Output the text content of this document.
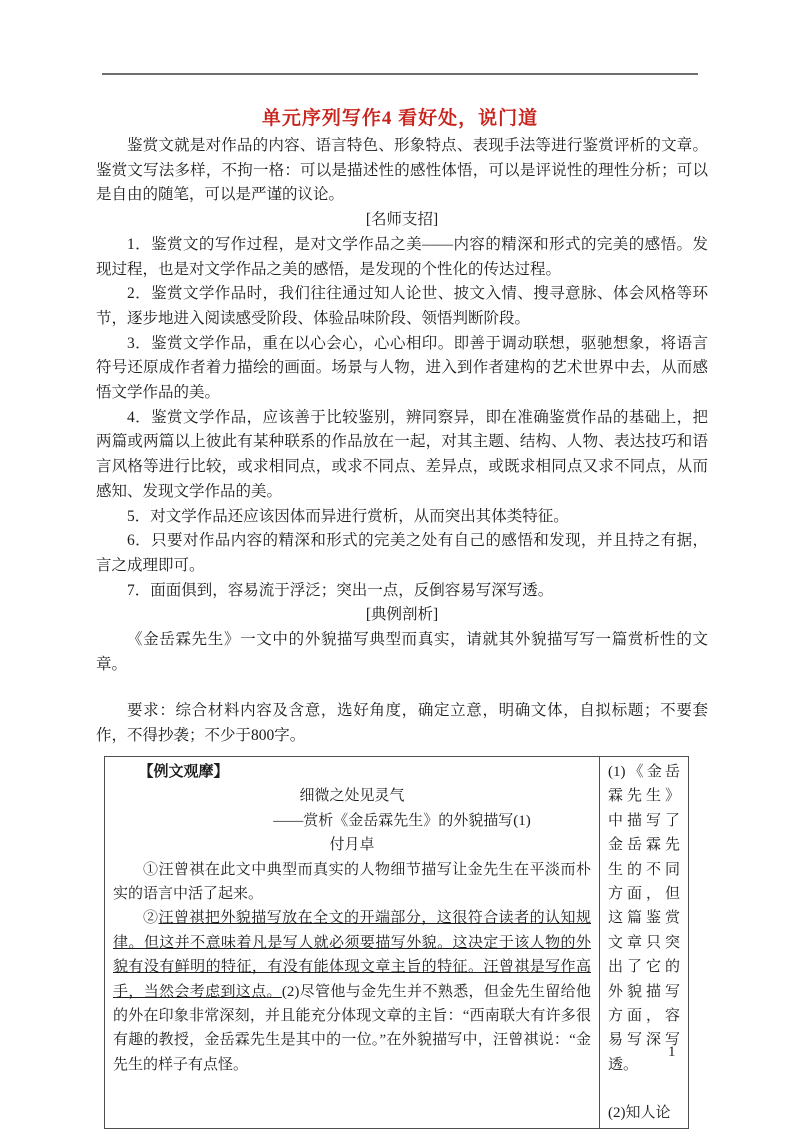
单元序列写作4 看好处，说门道

鉴赏文就是对作品的内容、语言特色、形象特点、表现手法等进行鉴赏评析的文章。鉴赏文写法多样，不拘一格：可以是描述性的感性体悟，可以是评说性的理性分析；可以是自由的随笔，可以是严谨的议论。

[名师支招]

1．鉴赏文的写作过程，是对文学作品之美——内容的精深和形式的完美的感悟。发现过程，也是对文学作品之美的感悟，是发现的个性化的传达过程。

2．鉴赏文学作品时，我们往往通过知人论世、披文入情、搜寻意脉、体会风格等环节，逐步地进入阅读感受阶段、体验品味阶段、领悟判断阶段。

3．鉴赏文学作品，重在以心会心，心心相印。即善于调动联想，驱驰想象，将语言符号还原成作者着力描绘的画面。场景与人物，进入到作者建构的艺术世界中去，从而感悟文学作品的美。

4．鉴赏文学作品，应该善于比较鉴别，辨同察异，即在准确鉴赏作品的基础上，把两篇或两篇以上彼此有某种联系的作品放在一起，对其主题、结构、人物、表达技巧和语言风格等进行比较，或求相同点，或求不同点、差异点，或既求相同点又求不同点，从而感知、发现文学作品的美。

5．对文学作品还应该因体而异进行赏析，从而突出其体类特征。

6．只要对作品内容的精深和形式的完美之处有自己的感悟和发现，并且持之有据，言之成理即可。

7．面面俱到，容易流于浮泛；突出一点，反倒容易写深写透。

[典例剖析]

《金岳霖先生》一文中的外貌描写典型而真实，请就其外貌描写写一篇赏析性的文章。

要求：综合材料内容及含意，选好角度，确定立意，明确文体，自拟标题；不要套作，不得抄袭；不少于800字。

【例文观摩】

细微之处见灵气

——赏析《金岳霖先生》的外貌描写(1)

付月卓

①汪曾祺在此文中典型而真实的人物细节描写让金先生在平淡而朴实的语言中活了起来。

②汪曾祺把外貌描写放在全文的开端部分，这很符合读者的认知规律。但这并不意味着凡是写人就必须要描写外貌。这决定于该人物的外貌有没有鲜明的特征，有没有能体现文章主旨的特征。汪曾祺是写作高手，当然会考虑到这点。(2)尽管他与金先生并不熟悉，但金先生留给他的外在印象非常深刻，并且能充分体现文章的主旨：“西南联大有许多很有趣的教授，金岳霖先生是其中的一位。”在外貌描写中，汪曾祺说：“金先生的样子有点怪。

(1)《金岳霖先生》中描写了金岳霖先生的不同方面，但这篇鉴赏文章只突出了它的外貌描写方面，容易写深写透。

(2)知人论

1
